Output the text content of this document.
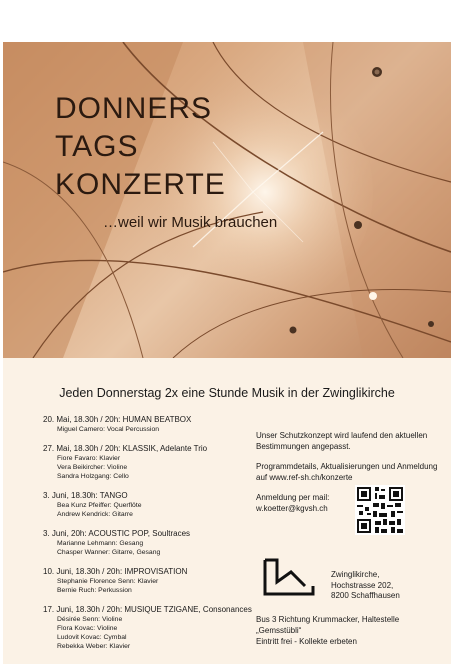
DONNERS
TAGS
KONZERTE
…weil wir Musik brauchen
Jeden Donnerstag 2x eine Stunde Musik in der Zwinglikirche
20. Mai, 18.30h / 20h: HUMAN BEATBOX
Miguel Camero: Vocal Percussion
27. Mai, 18.30h / 20h: KLASSIK, Adelante Trio
Fiore Favaro: Klavier
Vera Beikircher: Violine
Sandra Holzgang: Cello
3. Juni, 18.30h: TANGO
Bea Kunz Pfeiffer: Querflöte
Andrew Kendrick: Gitarre
3. Juni, 20h: ACOUSTIC POP, Soultraces
Marianne Lehmann: Gesang
Chasper Wanner: Gitarre, Gesang
10. Juni, 18.30h / 20h: IMPROVISATION
Stephanie Florence Senn: Klavier
Bernie Ruch: Perkussion
17. Juni, 18.30h / 20h: MUSIQUE TZIGANE, Consonances
Désirée Senn: Violine
Flora Kovac: Violine
Ludovit Kovac: Cymbal
Rebekka Weber: Klavier

Unser Schutzkonzept wird laufend den aktuellen Bestimmungen angepasst.

Programmdetails, Aktualisierungen und Anmeldung auf www.ref-sh.ch/konzerte

Anmeldung per mail: w.koetter@kgvsh.ch

Zwinglikirche,
Hochstrasse 202,
8200 Schaffhausen
Bus 3 Richtung Krummacker, Haltestelle „Gemsstübli“
Eintritt frei - Kollekte erbeten
